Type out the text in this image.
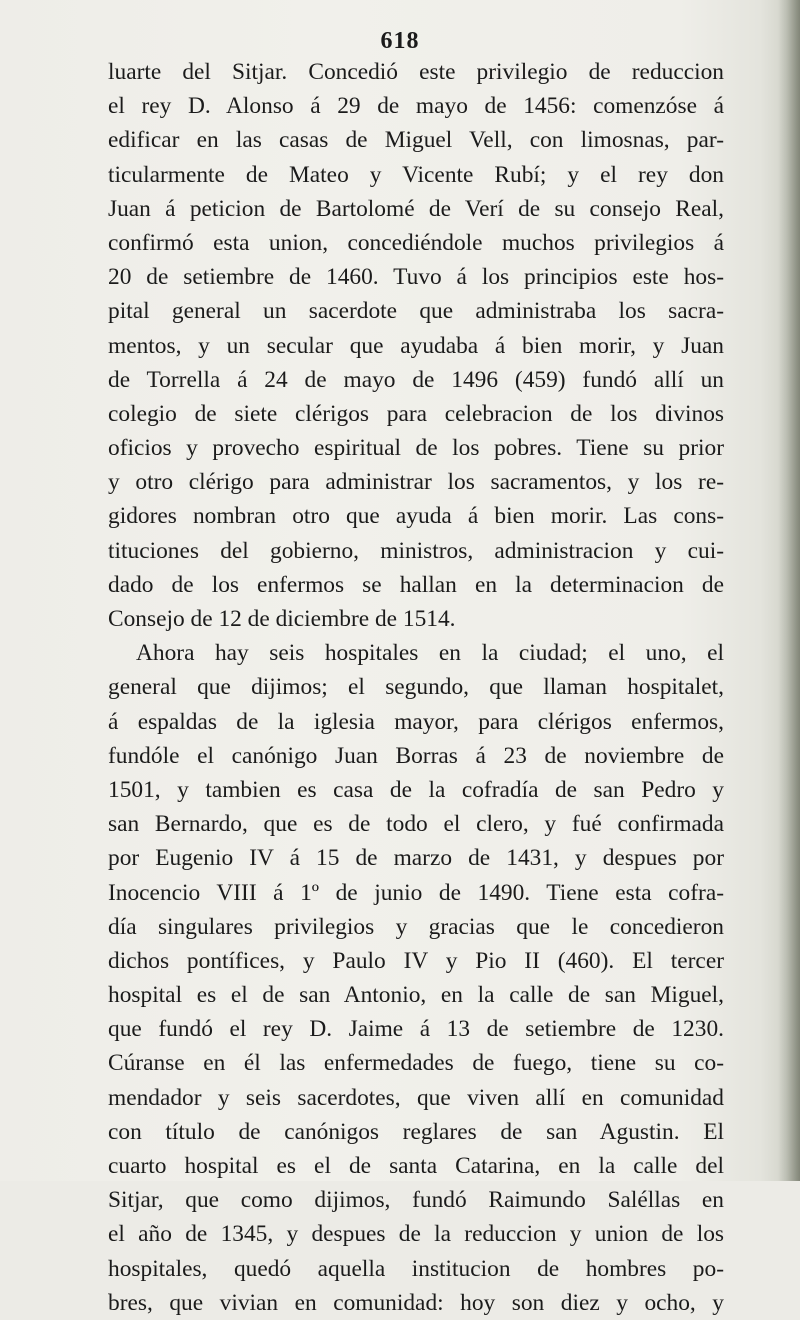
618
luarte del Sitjar. Concedió este privilegio de reduccion
el rey D. Alonso á 29 de mayo de 1456: comenzóse á
edificar en las casas de Miguel Vell, con limosnas, par-
ticularmente de Mateo y Vicente Rubí; y el rey don
Juan á peticion de Bartolomé de Verí de su consejo Real,
confirmó esta union, concediéndole muchos privilegios á
20 de setiembre de 1460. Tuvo á los principios este hos-
pital general un sacerdote que administraba los sacra-
mentos, y un secular que ayudaba á bien morir, y Juan
de Torrella á 24 de mayo de 1496 (459) fundó allí un
colegio de siete clérigos para celebracion de los divinos
oficios y provecho espiritual de los pobres. Tiene su prior
y otro clérigo para administrar los sacramentos, y los re-
gidores nombran otro que ayuda á bien morir. Las cons-
tituciones del gobierno, ministros, administracion y cui-
dado de los enfermos se hallan en la determinacion de
Consejo de 12 de diciembre de 1514.
Ahora hay seis hospitales en la ciudad; el uno, el
general que dijimos; el segundo, que llaman hospitalet,
á espaldas de la iglesia mayor, para clérigos enfermos,
fundóle el canónigo Juan Borras á 23 de noviembre de
1501, y tambien es casa de la cofradía de san Pedro y
san Bernardo, que es de todo el clero, y fué confirmada
por Eugenio IV á 15 de marzo de 1431, y despues por
Inocencio VIII á 1º de junio de 1490. Tiene esta cofra-
día singulares privilegios y gracias que le concedieron
dichos pontífices, y Paulo IV y Pio II (460). El tercer
hospital es el de san Antonio, en la calle de san Miguel,
que fundó el rey D. Jaime á 13 de setiembre de 1230.
Cúranse en él las enfermedades de fuego, tiene su co-
mendador y seis sacerdotes, que viven allí en comunidad
con título de canónigos reglares de san Agustin. El
cuarto hospital es el de santa Catarina, en la calle del
Sitjar, que como dijimos, fundó Raimundo Saléllas en
el año de 1345, y despues de la reduccion y union de los
hospitales, quedó aquella institucion de hombres po-
bres, que vivian en comunidad: hoy son diez y ocho, y
